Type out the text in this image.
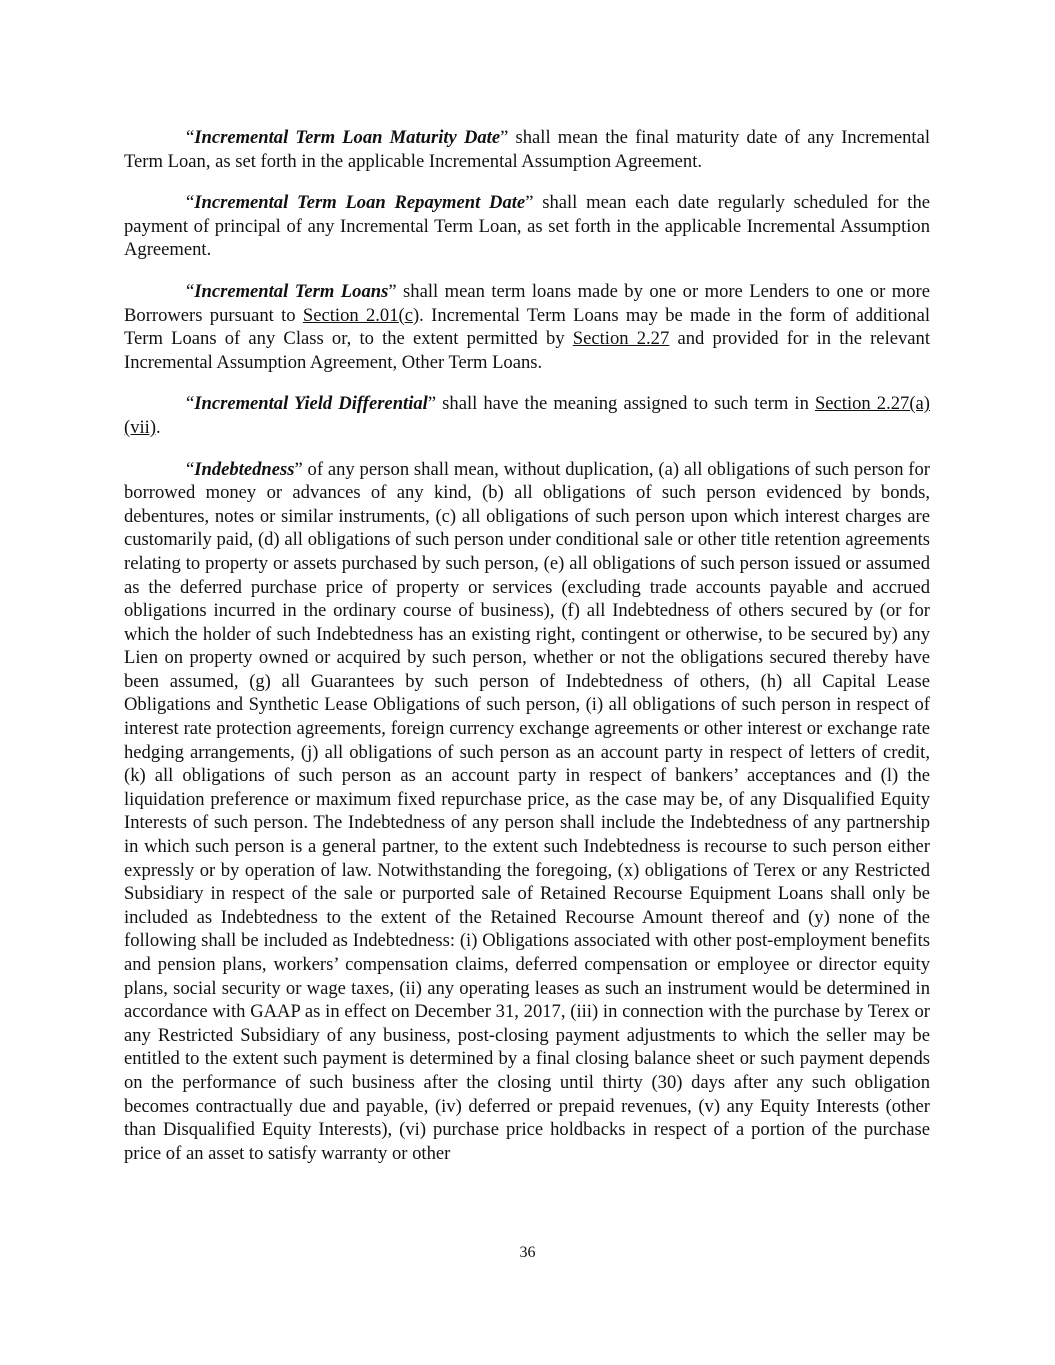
“Incremental Term Loan Maturity Date” shall mean the final maturity date of any Incremental Term Loan, as set forth in the applicable Incremental Assumption Agreement.

“Incremental Term Loan Repayment Date” shall mean each date regularly scheduled for the payment of principal of any Incremental Term Loan, as set forth in the applicable Incremental Assumption Agreement.

“Incremental Term Loans” shall mean term loans made by one or more Lenders to one or more Borrowers pursuant to Section 2.01(c). Incremental Term Loans may be made in the form of additional Term Loans of any Class or, to the extent permitted by Section 2.27 and provided for in the relevant Incremental Assumption Agreement, Other Term Loans.

“Incremental Yield Differential” shall have the meaning assigned to such term in Section 2.27(a)(vii).

“Indebtedness” of any person shall mean, without duplication, (a) all obligations of such person for borrowed money or advances of any kind, (b) all obligations of such person evidenced by bonds, debentures, notes or similar instruments, (c) all obligations of such person upon which interest charges are customarily paid, (d) all obligations of such person under conditional sale or other title retention agreements relating to property or assets purchased by such person, (e) all obligations of such person issued or assumed as the deferred purchase price of property or services (excluding trade accounts payable and accrued obligations incurred in the ordinary course of business), (f) all Indebtedness of others secured by (or for which the holder of such Indebtedness has an existing right, contingent or otherwise, to be secured by) any Lien on property owned or acquired by such person, whether or not the obligations secured thereby have been assumed, (g) all Guarantees by such person of Indebtedness of others, (h) all Capital Lease Obligations and Synthetic Lease Obligations of such person, (i) all obligations of such person in respect of interest rate protection agreements, foreign currency exchange agreements or other interest or exchange rate hedging arrangements, (j) all obligations of such person as an account party in respect of letters of credit, (k) all obligations of such person as an account party in respect of bankers’ acceptances and (l) the liquidation preference or maximum fixed repurchase price, as the case may be, of any Disqualified Equity Interests of such person. The Indebtedness of any person shall include the Indebtedness of any partnership in which such person is a general partner, to the extent such Indebtedness is recourse to such person either expressly or by operation of law. Notwithstanding the foregoing, (x) obligations of Terex or any Restricted Subsidiary in respect of the sale or purported sale of Retained Recourse Equipment Loans shall only be included as Indebtedness to the extent of the Retained Recourse Amount thereof and (y) none of the following shall be included as Indebtedness: (i) Obligations associated with other post-employment benefits and pension plans, workers’ compensation claims, deferred compensation or employee or director equity plans, social security or wage taxes, (ii) any operating leases as such an instrument would be determined in accordance with GAAP as in effect on December 31, 2017, (iii) in connection with the purchase by Terex or any Restricted Subsidiary of any business, post-closing payment adjustments to which the seller may be entitled to the extent such payment is determined by a final closing balance sheet or such payment depends on the performance of such business after the closing until thirty (30) days after any such obligation becomes contractually due and payable, (iv) deferred or prepaid revenues, (v) any Equity Interests (other than Disqualified Equity Interests), (vi) purchase price holdbacks in respect of a portion of the purchase price of an asset to satisfy warranty or other

36
